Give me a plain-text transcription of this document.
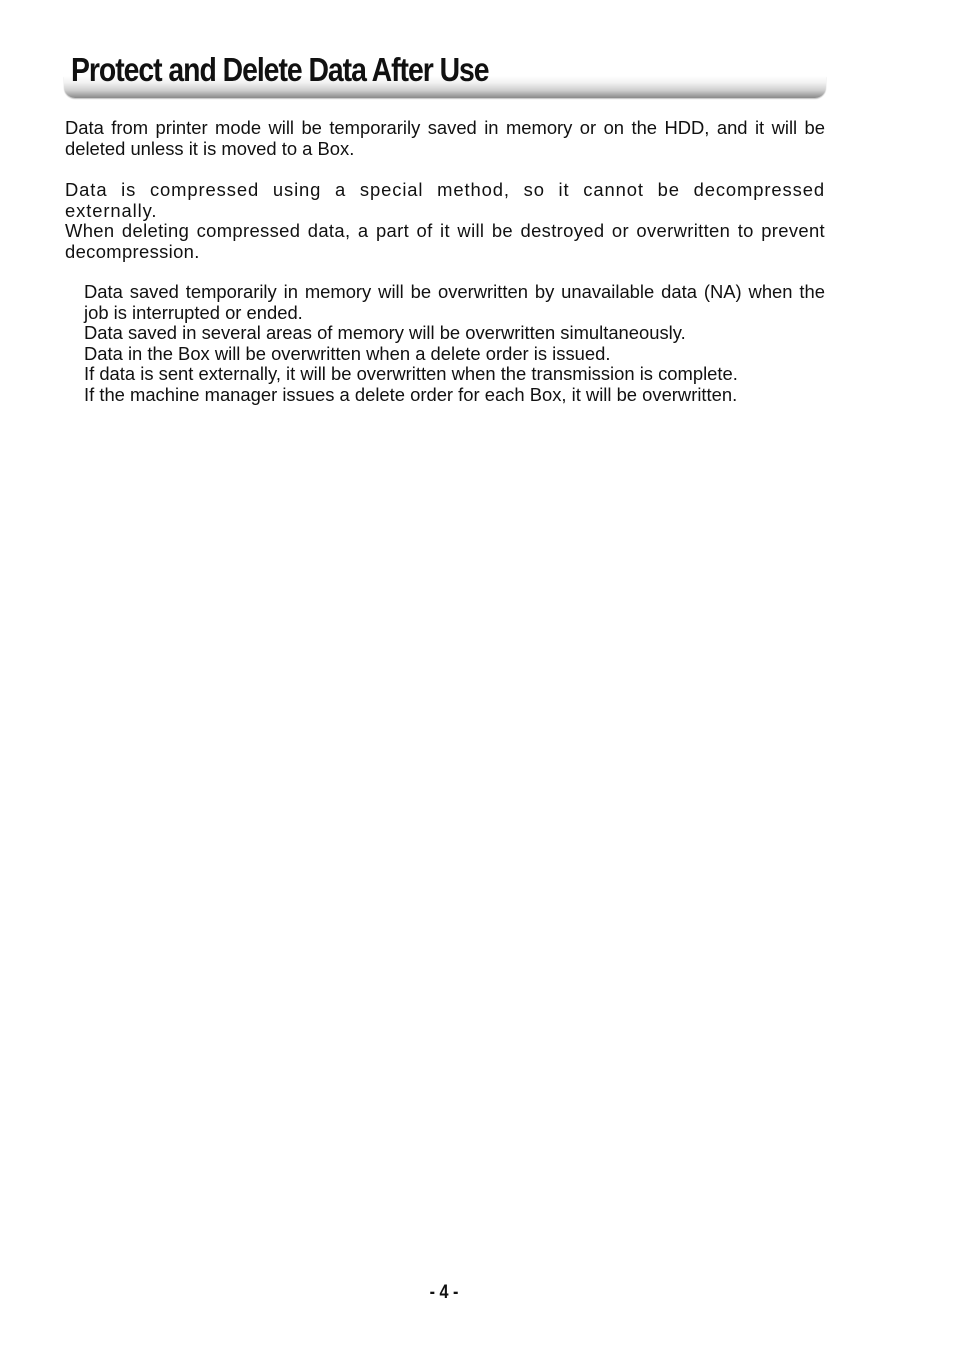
Protect and Delete Data After Use

Data from printer mode will be temporarily saved in memory or on the HDD, and it will be deleted unless it is moved to a Box.

Data is compressed using a special method, so it cannot be decompressed externally.

When deleting compressed data, a part of it will be destroyed or overwritten to prevent decompression.

Data saved temporarily in memory will be overwritten by unavailable data (NA) when the job is interrupted or ended.
Data saved in several areas of memory will be overwritten simultaneously.
Data in the Box will be overwritten when a delete order is issued.
If data is sent externally, it will be overwritten when the transmission is complete.
If the machine manager issues a delete order for each Box, it will be overwritten.
- 4 -
